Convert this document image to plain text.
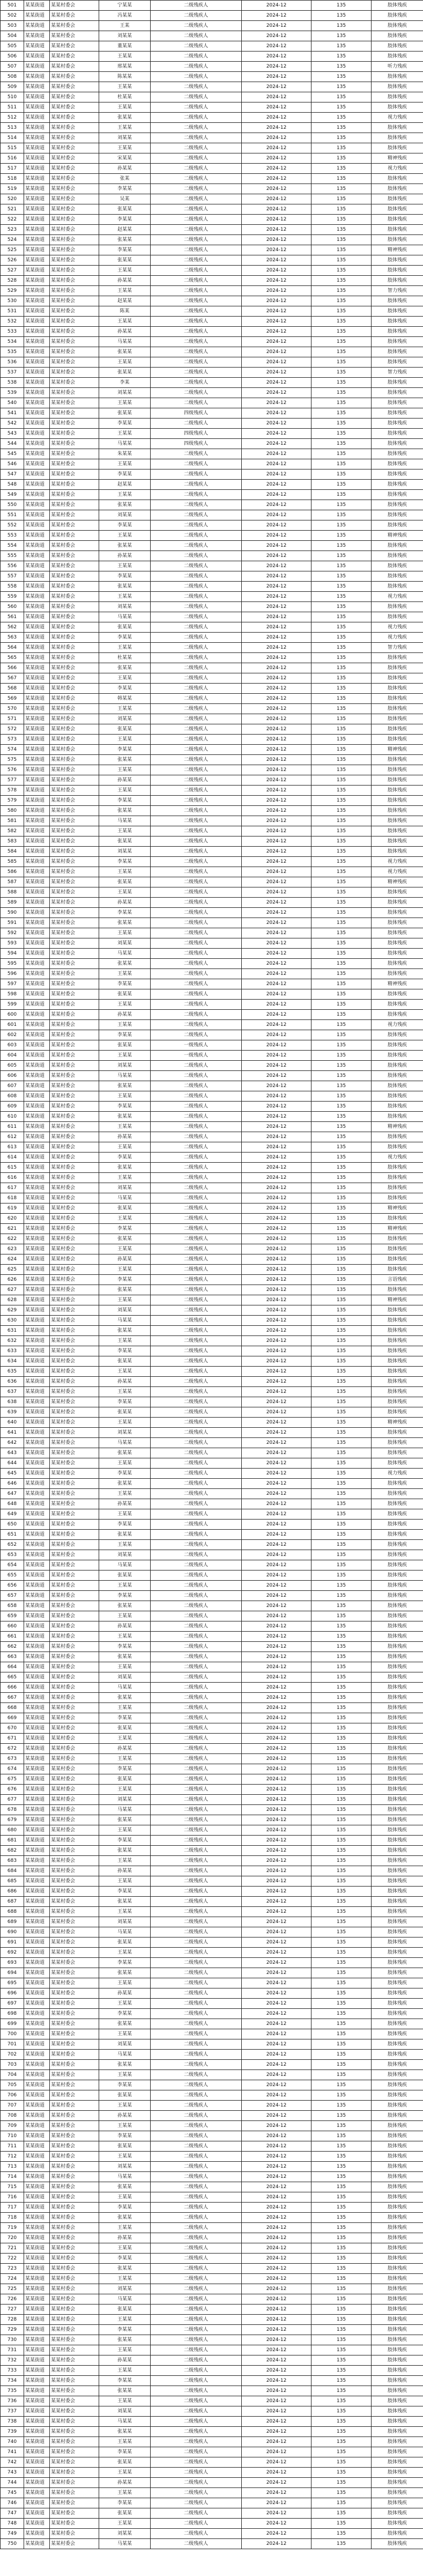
501	某某街道	某某村委会	宁某某	二级残疾人	2024-12	135	肢体残疾
502	某某街道	某某村委会	冯某某	二级残疾人	2024-12	135	肢体残疾
503	某某街道	某某村委会	王某	二级残疾人	2024-12	135	肢体残疾
504	某某街道	某某村委会	刘某某	二级残疾人	2024-12	135	肢体残疾
505	某某街道	某某村委会	董某某	二级残疾人	2024-12	135	肢体残疾
506	某某街道	某某村委会	王某某	二级残疾人	2024-12	135	肢体残疾
507	某某街道	某某村委会	邢某某	二级残疾人	2024-12	135	听力残疾
508	某某街道	某某村委会	陈某某	二级残疾人	2024-12	135	肢体残疾
509	某某街道	某某村委会	王某某	二级残疾人	2024-12	135	肢体残疾
510	某某街道	某某村委会	杜某某	二级残疾人	2024-12	135	肢体残疾
511	某某街道	某某村委会	王某某	二级残疾人	2024-12	135	肢体残疾
512	某某街道	某某村委会	张某某	二级残疾人	2024-12	135	视力残疾
513	某某街道	某某村委会	王某某	二级残疾人	2024-12	135	肢体残疾
514	某某街道	某某村委会	刘某某	二级残疾人	2024-12	135	肢体残疾
515	某某街道	某某村委会	王某某	二级残疾人	2024-12	135	肢体残疾
516	某某街道	某某村委会	宋某某	二级残疾人	2024-12	135	精神残疾
517	某某街道	某某村委会	孙某某	二级残疾人	2024-12	135	视力残疾
518	某某街道	某某村委会	张某	二级残疾人	2024-12	135	肢体残疾
519	某某街道	某某村委会	李某某	二级残疾人	2024-12	135	肢体残疾
520	某某街道	某某村委会	吴某	二级残疾人	2024-12	135	肢体残疾
521	某某街道	某某村委会	张某某	二级残疾人	2024-12	135	肢体残疾
522	某某街道	某某村委会	李某某	二级残疾人	2024-12	135	肢体残疾
523	某某街道	某某村委会	赵某某	二级残疾人	2024-12	135	肢体残疾
524	某某街道	某某村委会	张某某	二级残疾人	2024-12	135	肢体残疾
525	某某街道	某某村委会	李某某	二级残疾人	2024-12	135	精神残疾
526	某某街道	某某村委会	张某某	二级残疾人	2024-12	135	肢体残疾
527	某某街道	某某村委会	王某某	二级残疾人	2024-12	135	肢体残疾
528	某某街道	某某村委会	孙某某	二级残疾人	2024-12	135	肢体残疾
529	某某街道	某某村委会	王某某	二级残疾人	2024-12	135	智力残疾
530	某某街道	某某村委会	赵某某	二级残疾人	2024-12	135	肢体残疾
531	某某街道	某某村委会	陈某	二级残疾人	2024-12	135	肢体残疾
532	某某街道	某某村委会	王某某	二级残疾人	2024-12	135	肢体残疾
533	某某街道	某某村委会	孙某某	二级残疾人	2024-12	135	肢体残疾
534	某某街道	某某村委会	马某某	二级残疾人	2024-12	135	肢体残疾
535	某某街道	某某村委会	张某某	二级残疾人	2024-12	135	肢体残疾
536	某某街道	某某村委会	王某某	二级残疾人	2024-12	135	肢体残疾
537	某某街道	某某村委会	张某某	二级残疾人	2024-12	135	智力残疾
538	某某街道	某某村委会	李某	二级残疾人	2024-12	135	肢体残疾
539	某某街道	某某村委会	刘某某	二级残疾人	2024-12	135	肢体残疾
540	某某街道	某某村委会	王某某	二级残疾人	2024-12	135	肢体残疾
541	某某街道	某某村委会	张某某	四级残疾人	2024-12	135	肢体残疾
542	某某街道	某某村委会	李某某	二级残疾人	2024-12	135	肢体残疾
543	某某街道	某某村委会	王某某	四级残疾人	2024-12	135	肢体残疾
544	某某街道	某某村委会	马某某	四级残疾人	2024-12	135	肢体残疾
545	某某街道	某某村委会	朱某某	二级残疾人	2024-12	135	肢体残疾
546	某某街道	某某村委会	王某某	二级残疾人	2024-12	135	肢体残疾
547	某某街道	某某村委会	李某某	二级残疾人	2024-12	135	肢体残疾
548	某某街道	某某村委会	赵某某	二级残疾人	2024-12	135	肢体残疾
549	某某街道	某某村委会	王某某	二级残疾人	2024-12	135	肢体残疾
550	某某街道	某某村委会	张某某	二级残疾人	2024-12	135	肢体残疾
551	某某街道	某某村委会	刘某某	二级残疾人	2024-12	135	肢体残疾
552	某某街道	某某村委会	李某某	二级残疾人	2024-12	135	肢体残疾
553	某某街道	某某村委会	王某某	二级残疾人	2024-12	135	精神残疾
554	某某街道	某某村委会	张某某	二级残疾人	2024-12	135	肢体残疾
555	某某街道	某某村委会	孙某某	二级残疾人	2024-12	135	肢体残疾
556	某某街道	某某村委会	王某某	二级残疾人	2024-12	135	肢体残疾
557	某某街道	某某村委会	李某某	二级残疾人	2024-12	135	肢体残疾
558	某某街道	某某村委会	张某某	二级残疾人	2024-12	135	肢体残疾
559	某某街道	某某村委会	王某某	二级残疾人	2024-12	135	视力残疾
560	某某街道	某某村委会	刘某某	二级残疾人	2024-12	135	肢体残疾
561	某某街道	某某村委会	马某某	二级残疾人	2024-12	135	肢体残疾
562	某某街道	某某村委会	张某某	二级残疾人	2024-12	135	视力残疾
563	某某街道	某某村委会	李某某	二级残疾人	2024-12	135	视力残疾
564	某某街道	某某村委会	王某某	二级残疾人	2024-12	135	智力残疾
565	某某街道	某某村委会	杜某某	二级残疾人	2024-12	135	肢体残疾
566	某某街道	某某村委会	张某某	二级残疾人	2024-12	135	肢体残疾
567	某某街道	某某村委会	王某某	二级残疾人	2024-12	135	肢体残疾
568	某某街道	某某村委会	李某某	二级残疾人	2024-12	135	肢体残疾
569	某某街道	某某村委会	韩某某	二级残疾人	2024-12	135	肢体残疾
570	某某街道	某某村委会	王某某	二级残疾人	2024-12	135	肢体残疾
571	某某街道	某某村委会	刘某某	二级残疾人	2024-12	135	肢体残疾
572	某某街道	某某村委会	张某某	二级残疾人	2024-12	135	肢体残疾
573	某某街道	某某村委会	王某某	二级残疾人	2024-12	135	肢体残疾
574	某某街道	某某村委会	李某某	二级残疾人	2024-12	135	精神残疾
575	某某街道	某某村委会	张某某	二级残疾人	2024-12	135	肢体残疾
576	某某街道	某某村委会	王某某	二级残疾人	2024-12	135	肢体残疾
577	某某街道	某某村委会	孙某某	二级残疾人	2024-12	135	肢体残疾
578	某某街道	某某村委会	王某某	二级残疾人	2024-12	135	肢体残疾
579	某某街道	某某村委会	李某某	二级残疾人	2024-12	135	肢体残疾
580	某某街道	某某村委会	张某某	二级残疾人	2024-12	135	肢体残疾
581	某某街道	某某村委会	马某某	二级残疾人	2024-12	135	肢体残疾
582	某某街道	某某村委会	王某某	二级残疾人	2024-12	135	肢体残疾
583	某某街道	某某村委会	张某某	二级残疾人	2024-12	135	肢体残疾
584	某某街道	某某村委会	刘某某	二级残疾人	2024-12	135	肢体残疾
585	某某街道	某某村委会	李某某	二级残疾人	2024-12	135	视力残疾
586	某某街道	某某村委会	王某某	二级残疾人	2024-12	135	视力残疾
587	某某街道	某某村委会	张某某	二级残疾人	2024-12	135	精神残疾
588	某某街道	某某村委会	王某某	二级残疾人	2024-12	135	肢体残疾
589	某某街道	某某村委会	孙某某	二级残疾人	2024-12	135	肢体残疾
590	某某街道	某某村委会	李某某	二级残疾人	2024-12	135	肢体残疾
591	某某街道	某某村委会	张某某	二级残疾人	2024-12	135	肢体残疾
592	某某街道	某某村委会	王某某	二级残疾人	2024-12	135	肢体残疾
593	某某街道	某某村委会	刘某某	二级残疾人	2024-12	135	肢体残疾
594	某某街道	某某村委会	马某某	二级残疾人	2024-12	135	肢体残疾
595	某某街道	某某村委会	张某某	二级残疾人	2024-12	135	肢体残疾
596	某某街道	某某村委会	王某某	二级残疾人	2024-12	135	肢体残疾
597	某某街道	某某村委会	李某某	二级残疾人	2024-12	135	精神残疾
598	某某街道	某某村委会	张某某	二级残疾人	2024-12	135	肢体残疾
599	某某街道	某某村委会	王某某	二级残疾人	2024-12	135	肢体残疾
600	某某街道	某某村委会	孙某某	二级残疾人	2024-12	135	肢体残疾
601	某某街道	某某村委会	王某某	二级残疾人	2024-12	135	视力残疾
602	某某街道	某某村委会	李某某	二级残疾人	2024-12	135	肢体残疾
603	某某街道	某某村委会	张某某	一级残疾人	2024-12	135	肢体残疾
604	某某街道	某某村委会	王某某	一级残疾人	2024-12	135	肢体残疾
605	某某街道	某某村委会	刘某某	二级残疾人	2024-12	135	肢体残疾
606	某某街道	某某村委会	马某某	二级残疾人	2024-12	135	肢体残疾
607	某某街道	某某村委会	张某某	二级残疾人	2024-12	135	肢体残疾
608	某某街道	某某村委会	王某某	二级残疾人	2024-12	135	肢体残疾
609	某某街道	某某村委会	李某某	二级残疾人	2024-12	135	肢体残疾
610	某某街道	某某村委会	张某某	二级残疾人	2024-12	135	肢体残疾
611	某某街道	某某村委会	王某某	二级残疾人	2024-12	135	精神残疾
612	某某街道	某某村委会	孙某某	二级残疾人	2024-12	135	肢体残疾
613	某某街道	某某村委会	王某某	二级残疾人	2024-12	135	肢体残疾
614	某某街道	某某村委会	李某某	二级残疾人	2024-12	135	视力残疾
615	某某街道	某某村委会	张某某	二级残疾人	2024-12	135	肢体残疾
616	某某街道	某某村委会	王某某	二级残疾人	2024-12	135	肢体残疾
617	某某街道	某某村委会	刘某某	二级残疾人	2024-12	135	肢体残疾
618	某某街道	某某村委会	马某某	二级残疾人	2024-12	135	肢体残疾
619	某某街道	某某村委会	张某某	二级残疾人	2024-12	135	精神残疾
620	某某街道	某某村委会	王某某	二级残疾人	2024-12	135	肢体残疾
621	某某街道	某某村委会	李某某	二级残疾人	2024-12	135	精神残疾
622	某某街道	某某村委会	张某某	二级残疾人	2024-12	135	肢体残疾
623	某某街道	某某村委会	王某某	二级残疾人	2024-12	135	肢体残疾
624	某某街道	某某村委会	孙某某	二级残疾人	2024-12	135	肢体残疾
625	某某街道	某某村委会	王某某	二级残疾人	2024-12	135	肢体残疾
626	某某街道	某某村委会	李某某	二级残疾人	2024-12	135	言语残疾
627	某某街道	某某村委会	张某某	二级残疾人	2024-12	135	肢体残疾
628	某某街道	某某村委会	王某某	二级残疾人	2024-12	135	精神残疾
629	某某街道	某某村委会	刘某某	二级残疾人	2024-12	135	肢体残疾
630	某某街道	某某村委会	马某某	二级残疾人	2024-12	135	肢体残疾
631	某某街道	某某村委会	张某某	二级残疾人	2024-12	135	肢体残疾
632	某某街道	某某村委会	王某某	二级残疾人	2024-12	135	肢体残疾
633	某某街道	某某村委会	李某某	二级残疾人	2024-12	135	肢体残疾
634	某某街道	某某村委会	张某某	二级残疾人	2024-12	135	肢体残疾
635	某某街道	某某村委会	王某某	二级残疾人	2024-12	135	肢体残疾
636	某某街道	某某村委会	孙某某	二级残疾人	2024-12	135	肢体残疾
637	某某街道	某某村委会	王某某	二级残疾人	2024-12	135	肢体残疾
638	某某街道	某某村委会	李某某	二级残疾人	2024-12	135	肢体残疾
639	某某街道	某某村委会	张某某	二级残疾人	2024-12	135	肢体残疾
640	某某街道	某某村委会	王某某	二级残疾人	2024-12	135	精神残疾
641	某某街道	某某村委会	刘某某	二级残疾人	2024-12	135	肢体残疾
642	某某街道	某某村委会	马某某	二级残疾人	2024-12	135	肢体残疾
643	某某街道	某某村委会	张某某	二级残疾人	2024-12	135	肢体残疾
644	某某街道	某某村委会	王某某	二级残疾人	2024-12	135	肢体残疾
645	某某街道	某某村委会	李某某	二级残疾人	2024-12	135	视力残疾
646	某某街道	某某村委会	张某某	二级残疾人	2024-12	135	肢体残疾
647	某某街道	某某村委会	王某某	二级残疾人	2024-12	135	肢体残疾
648	某某街道	某某村委会	孙某某	二级残疾人	2024-12	135	肢体残疾
649	某某街道	某某村委会	王某某	二级残疾人	2024-12	135	肢体残疾
650	某某街道	某某村委会	李某某	二级残疾人	2024-12	135	肢体残疾
651	某某街道	某某村委会	张某某	二级残疾人	2024-12	135	肢体残疾
652	某某街道	某某村委会	王某某	二级残疾人	2024-12	135	肢体残疾
653	某某街道	某某村委会	刘某某	二级残疾人	2024-12	135	肢体残疾
654	某某街道	某某村委会	马某某	二级残疾人	2024-12	135	肢体残疾
655	某某街道	某某村委会	张某某	二级残疾人	2024-12	135	肢体残疾
656	某某街道	某某村委会	王某某	二级残疾人	2024-12	135	肢体残疾
657	某某街道	某某村委会	李某某	二级残疾人	2024-12	135	肢体残疾
658	某某街道	某某村委会	张某某	二级残疾人	2024-12	135	肢体残疾
659	某某街道	某某村委会	王某某	二级残疾人	2024-12	135	肢体残疾
660	某某街道	某某村委会	孙某某	二级残疾人	2024-12	135	肢体残疾
661	某某街道	某某村委会	王某某	二级残疾人	2024-12	135	肢体残疾
662	某某街道	某某村委会	李某某	二级残疾人	2024-12	135	肢体残疾
663	某某街道	某某村委会	张某某	二级残疾人	2024-12	135	肢体残疾
664	某某街道	某某村委会	王某某	二级残疾人	2024-12	135	肢体残疾
665	某某街道	某某村委会	刘某某	二级残疾人	2024-12	135	肢体残疾
666	某某街道	某某村委会	马某某	二级残疾人	2024-12	135	肢体残疾
667	某某街道	某某村委会	张某某	二级残疾人	2024-12	135	肢体残疾
668	某某街道	某某村委会	王某某	二级残疾人	2024-12	135	肢体残疾
669	某某街道	某某村委会	李某某	二级残疾人	2024-12	135	肢体残疾
670	某某街道	某某村委会	张某某	二级残疾人	2024-12	135	肢体残疾
671	某某街道	某某村委会	王某某	二级残疾人	2024-12	135	肢体残疾
672	某某街道	某某村委会	孙某某	二级残疾人	2024-12	135	肢体残疾
673	某某街道	某某村委会	王某某	二级残疾人	2024-12	135	肢体残疾
674	某某街道	某某村委会	李某某	二级残疾人	2024-12	135	肢体残疾
675	某某街道	某某村委会	张某某	二级残疾人	2024-12	135	肢体残疾
676	某某街道	某某村委会	王某某	二级残疾人	2024-12	135	肢体残疾
677	某某街道	某某村委会	刘某某	二级残疾人	2024-12	135	肢体残疾
678	某某街道	某某村委会	马某某	二级残疾人	2024-12	135	肢体残疾
679	某某街道	某某村委会	张某某	二级残疾人	2024-12	135	肢体残疾
680	某某街道	某某村委会	王某某	二级残疾人	2024-12	135	肢体残疾
681	某某街道	某某村委会	李某某	二级残疾人	2024-12	135	肢体残疾
682	某某街道	某某村委会	张某某	二级残疾人	2024-12	135	肢体残疾
683	某某街道	某某村委会	王某某	二级残疾人	2024-12	135	肢体残疾
684	某某街道	某某村委会	孙某某	二级残疾人	2024-12	135	肢体残疾
685	某某街道	某某村委会	王某某	二级残疾人	2024-12	135	肢体残疾
686	某某街道	某某村委会	李某某	二级残疾人	2024-12	135	肢体残疾
687	某某街道	某某村委会	张某某	二级残疾人	2024-12	135	肢体残疾
688	某某街道	某某村委会	王某某	二级残疾人	2024-12	135	肢体残疾
689	某某街道	某某村委会	刘某某	二级残疾人	2024-12	135	肢体残疾
690	某某街道	某某村委会	马某某	二级残疾人	2024-12	135	肢体残疾
691	某某街道	某某村委会	张某某	二级残疾人	2024-12	135	肢体残疾
692	某某街道	某某村委会	王某某	二级残疾人	2024-12	135	肢体残疾
693	某某街道	某某村委会	李某某	二级残疾人	2024-12	135	肢体残疾
694	某某街道	某某村委会	张某某	二级残疾人	2024-12	135	肢体残疾
695	某某街道	某某村委会	王某某	二级残疾人	2024-12	135	肢体残疾
696	某某街道	某某村委会	孙某某	二级残疾人	2024-12	135	肢体残疾
697	某某街道	某某村委会	王某某	二级残疾人	2024-12	135	肢体残疾
698	某某街道	某某村委会	李某某	二级残疾人	2024-12	135	肢体残疾
699	某某街道	某某村委会	张某某	二级残疾人	2024-12	135	肢体残疾
700	某某街道	某某村委会	王某某	二级残疾人	2024-12	135	肢体残疾
701	某某街道	某某村委会	刘某某	二级残疾人	2024-12	135	肢体残疾
702	某某街道	某某村委会	马某某	二级残疾人	2024-12	135	肢体残疾
703	某某街道	某某村委会	张某某	二级残疾人	2024-12	135	肢体残疾
704	某某街道	某某村委会	王某某	二级残疾人	2024-12	135	肢体残疾
705	某某街道	某某村委会	李某某	二级残疾人	2024-12	135	肢体残疾
706	某某街道	某某村委会	张某某	二级残疾人	2024-12	135	肢体残疾
707	某某街道	某某村委会	王某某	二级残疾人	2024-12	135	肢体残疾
708	某某街道	某某村委会	孙某某	二级残疾人	2024-12	135	肢体残疾
709	某某街道	某某村委会	王某某	二级残疾人	2024-12	135	肢体残疾
710	某某街道	某某村委会	李某某	二级残疾人	2024-12	135	肢体残疾
711	某某街道	某某村委会	张某某	二级残疾人	2024-12	135	肢体残疾
712	某某街道	某某村委会	王某某	二级残疾人	2024-12	135	肢体残疾
713	某某街道	某某村委会	刘某某	二级残疾人	2024-12	135	肢体残疾
714	某某街道	某某村委会	马某某	二级残疾人	2024-12	135	肢体残疾
715	某某街道	某某村委会	张某某	二级残疾人	2024-12	135	肢体残疾
716	某某街道	某某村委会	王某某	二级残疾人	2024-12	135	肢体残疾
717	某某街道	某某村委会	李某某	二级残疾人	2024-12	135	肢体残疾
718	某某街道	某某村委会	张某某	二级残疾人	2024-12	135	肢体残疾
719	某某街道	某某村委会	王某某	二级残疾人	2024-12	135	肢体残疾
720	某某街道	某某村委会	孙某某	二级残疾人	2024-12	135	肢体残疾
721	某某街道	某某村委会	王某某	二级残疾人	2024-12	135	肢体残疾
722	某某街道	某某村委会	李某某	二级残疾人	2024-12	135	肢体残疾
723	某某街道	某某村委会	张某某	二级残疾人	2024-12	135	肢体残疾
724	某某街道	某某村委会	王某某	二级残疾人	2024-12	135	肢体残疾
725	某某街道	某某村委会	刘某某	二级残疾人	2024-12	135	肢体残疾
726	某某街道	某某村委会	马某某	二级残疾人	2024-12	135	肢体残疾
727	某某街道	某某村委会	张某某	二级残疾人	2024-12	135	肢体残疾
728	某某街道	某某村委会	王某某	二级残疾人	2024-12	135	肢体残疾
729	某某街道	某某村委会	李某某	二级残疾人	2024-12	135	肢体残疾
730	某某街道	某某村委会	张某某	二级残疾人	2024-12	135	肢体残疾
731	某某街道	某某村委会	王某某	二级残疾人	2024-12	135	肢体残疾
732	某某街道	某某村委会	孙某某	二级残疾人	2024-12	135	肢体残疾
733	某某街道	某某村委会	王某某	二级残疾人	2024-12	135	肢体残疾
734	某某街道	某某村委会	李某某	二级残疾人	2024-12	135	肢体残疾
735	某某街道	某某村委会	张某某	二级残疾人	2024-12	135	肢体残疾
736	某某街道	某某村委会	王某某	二级残疾人	2024-12	135	肢体残疾
737	某某街道	某某村委会	刘某某	二级残疾人	2024-12	135	肢体残疾
738	某某街道	某某村委会	马某某	二级残疾人	2024-12	135	肢体残疾
739	某某街道	某某村委会	张某某	二级残疾人	2024-12	135	肢体残疾
740	某某街道	某某村委会	王某某	二级残疾人	2024-12	135	肢体残疾
741	某某街道	某某村委会	李某某	二级残疾人	2024-12	135	肢体残疾
742	某某街道	某某村委会	张某某	二级残疾人	2024-12	135	肢体残疾
743	某某街道	某某村委会	王某某	二级残疾人	2024-12	135	肢体残疾
744	某某街道	某某村委会	孙某某	二级残疾人	2024-12	135	肢体残疾
745	某某街道	某某村委会	王某某	二级残疾人	2024-12	135	肢体残疾
746	某某街道	某某村委会	李某某	二级残疾人	2024-12	135	肢体残疾
747	某某街道	某某村委会	张某某	二级残疾人	2024-12	135	肢体残疾
748	某某街道	某某村委会	王某某	二级残疾人	2024-12	135	肢体残疾
749	某某街道	某某村委会	刘某某	二级残疾人	2024-12	135	肢体残疾
750	某某街道	某某村委会	马某某	二级残疾人	2024-12	135	肢体残疾
